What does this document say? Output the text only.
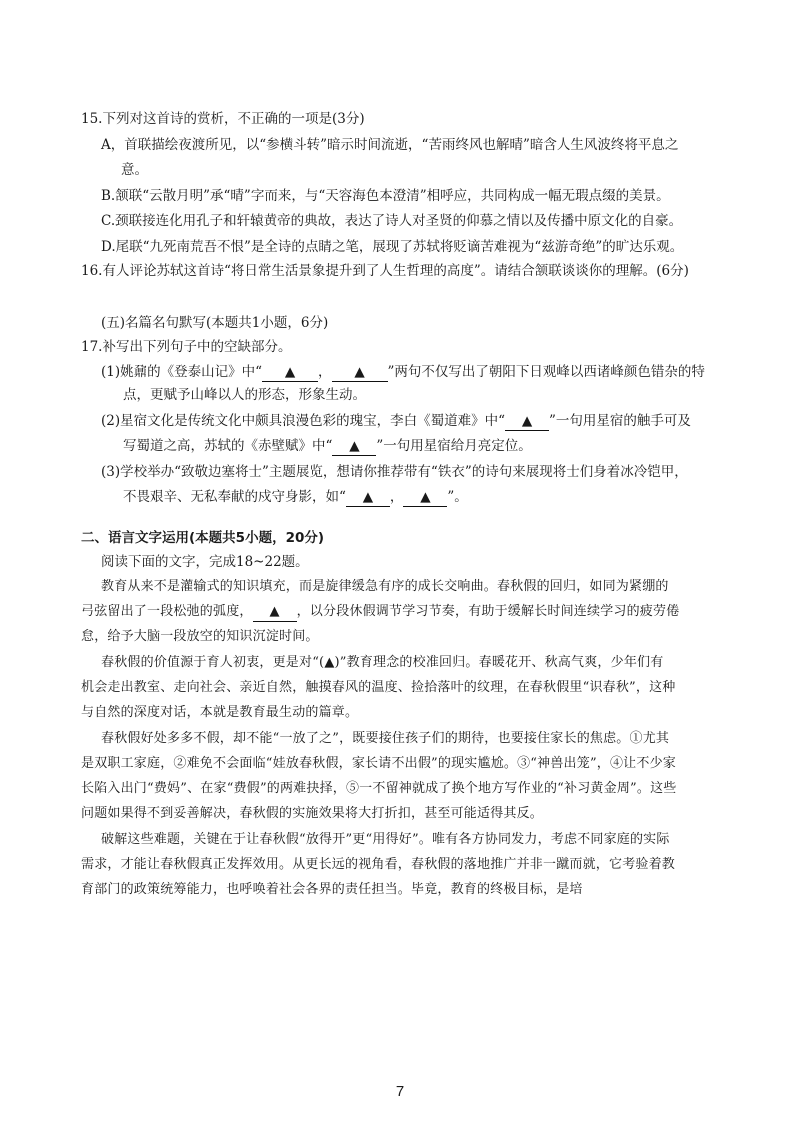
15.下列对这首诗的赏析，不正确的一项是(3分)
A，首联描绘夜渡所见，以“参横斗转”暗示时间流逝，“苦雨终风也解晴”暗含人生风波终将平息之
意。
B.颔联“云散月明”承“晴”字而来，与“天容海色本澄清”相呼应，共同构成一幅无瑕点缀的美景。
C.颈联接连化用孔子和轩辕黄帝的典故，表达了诗人对圣贤的仰慕之情以及传播中原文化的自豪。
D.尾联“九死南荒吾不恨”是全诗的点睛之笔，展现了苏轼将贬谪苦难视为“兹游奇绝”的旷达乐观。
16.有人评论苏轼这首诗“将日常生活景象提升到了人生哲理的高度”。请结合颔联谈谈你的理解。(6分)
(五)名篇名句默写(本题共1小题，6分)
17.补写出下列句子中的空缺部分。
(1)姚鼐的《登泰山记》中“ ▲ ， ▲ ”两句不仅写出了朝阳下日观峰以西诸峰颜色错杂的特
点，更赋予山峰以人的形态，形象生动。
(2)星宿文化是传统文化中颇具浪漫色彩的瑰宝，李白《蜀道难》中“ ▲ ”一句用星宿的触手可及
写蜀道之高，苏轼的《赤壁赋》中“ ▲ ”一句用星宿给月亮定位。
(3)学校举办“致敬边塞将士”主题展览，想请你推荐带有“铁衣”的诗句来展现将士们身着冰冷铠甲，
不畏艰辛、无私奉献的戍守身影，如“ ▲ ， ▲ ”。
二、语言文字运用(本题共5小题，20分)
阅读下面的文字，完成18~22题。
教育从来不是灌输式的知识填充，而是旋律缓急有序的成长交响曲。春秋假的回归，如同为紧绷的
弓弦留出了一段松弛的弧度， ▲ ，以分段休假调节学习节奏，有助于缓解长时间连续学习的疲劳倦
怠，给予大脑一段放空的知识沉淀时间。
春秋假的价值源于育人初衷，更是对“(▲)”教育理念的校准回归。春暖花开、秋高气爽，少年们有
机会走出教室、走向社会、亲近自然，触摸春风的温度、捡拾落叶的纹理，在春秋假里“识春秋”，这种
与自然的深度对话，本就是教育最生动的篇章。
春秋假好处多多不假，却不能“一放了之”，既要接住孩子们的期待，也要接住家长的焦虑。①尤其
是双职工家庭，②难免不会面临“娃放春秋假，家长请不出假”的现实尴尬。③“神兽出笼”，④让不少家
长陷入出门“费妈”、在家“费假”的两难抉择，⑤一不留神就成了换个地方写作业的“补习黄金周”。这些
问题如果得不到妥善解决，春秋假的实施效果将大打折扣，甚至可能适得其反。
破解这些难题，关键在于让春秋假“放得开”更“用得好”。唯有各方协同发力，考虑不同家庭的实际
需求，才能让春秋假真正发挥效用。从更长远的视角看，春秋假的落地推广并非一蹴而就，它考验着教
育部门的政策统筹能力，也呼唤着社会各界的责任担当。毕竟，教育的终极目标，是培
7
